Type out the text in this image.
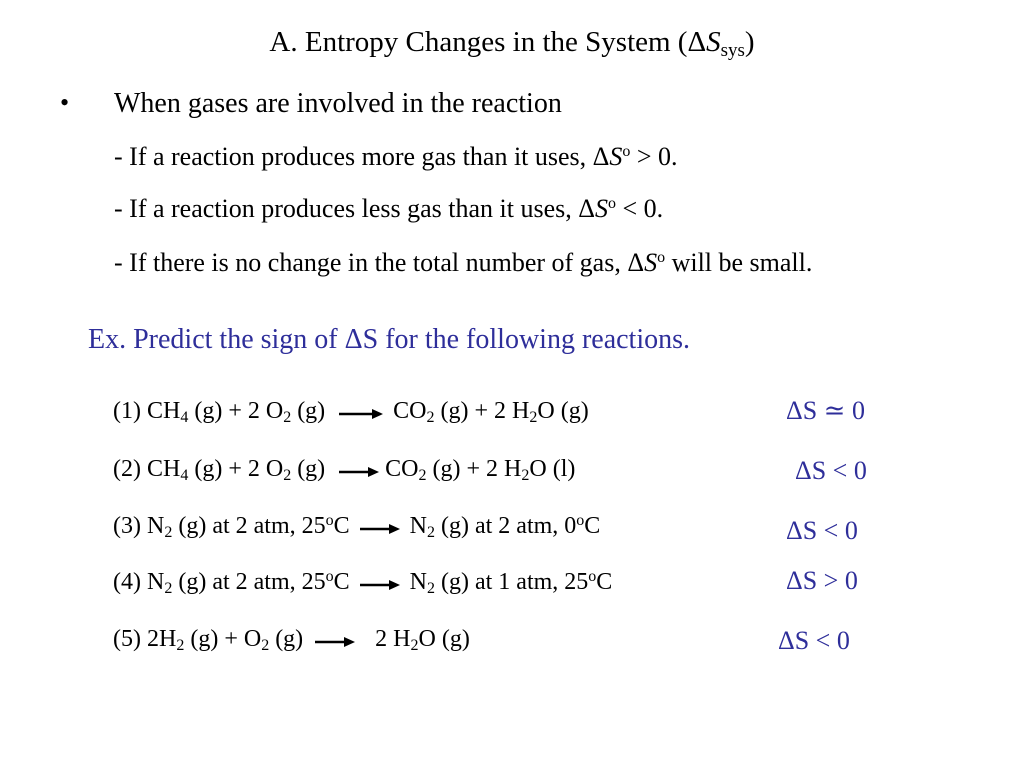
A. Entropy Changes in the System $(\Delta S_{sys})$
• When gases are involved in the reaction
- If a reaction produces more gas than it uses, $\Delta S^o > 0$.
- If a reaction produces less gas than it uses, $\Delta S^o < 0$.
- If there is no change in the total number of gas, $\Delta S^o$ will be small.
Ex. Predict the sign of ΔS for the following reactions.
(1) $CH_4$ (g) + 2 $O_2$ $(g) \to CO_2$ (g) + 2 $H_2O$ (g)	ΔS ≃ 0
(2) $CH_4$ (g) + 2 $O_2$ $(g) \to CO_2$ (g) + 2 $H_2O$ (l)	ΔS < 0
(3) $N_2$ (g) at 2 atm, $25^oC \to N_2$ (g) at 2 atm, 0$^o$C	ΔS < 0
(4) $N_2$ (g) at 2 atm, $25^oC \to N_2$ (g) at 1 atm, 25$^o$C	ΔS > 0
(5) $2H_2$ $(g) + O_2$ (g) → 2 $H_2O$ (g)	ΔS < 0
